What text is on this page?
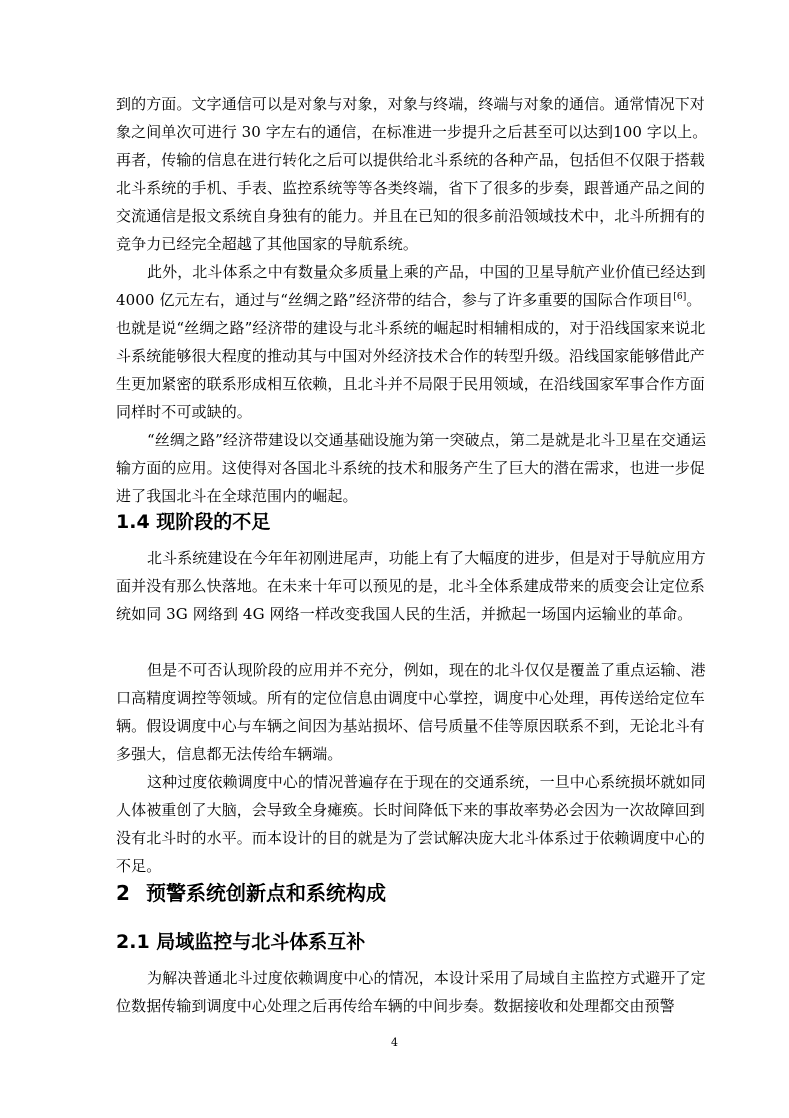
到的方面。文字通信可以是对象与对象，对象与终端，终端与对象的通信。通常情况下对象之间单次可进行 30 字左右的通信，在标准进一步提升之后甚至可以达到100 字以上。再者，传输的信息在进行转化之后可以提供给北斗系统的各种产品，包括但不仅限于搭载北斗系统的手机、手表、监控系统等等各类终端，省下了很多的步奏，跟普通产品之间的交流通信是报文系统自身独有的能力。并且在已知的很多前沿领域技术中，北斗所拥有的竞争力已经完全超越了其他国家的导航系统。

此外，北斗体系之中有数量众多质量上乘的产品，中国的卫星导航产业价值已经达到 4000 亿元左右，通过与“丝绸之路”经济带的结合，参与了许多重要的国际合作项目[6]。也就是说“丝绸之路”经济带的建设与北斗系统的崛起时相辅相成的，对于沿线国家来说北斗系统能够很大程度的推动其与中国对外经济技术合作的转型升级。沿线国家能够借此产生更加紧密的联系形成相互依赖，且北斗并不局限于民用领域，在沿线国家军事合作方面同样时不可或缺的。

“丝绸之路”经济带建设以交通基础设施为第一突破点，第二是就是北斗卫星在交通运输方面的应用。这使得对各国北斗系统的技术和服务产生了巨大的潜在需求，也进一步促进了我国北斗在全球范围内的崛起。

1.4 现阶段的不足

北斗系统建设在今年年初刚进尾声，功能上有了大幅度的进步，但是对于导航应用方面并没有那么快落地。在未来十年可以预见的是，北斗全体系建成带来的质变会让定位系统如同 3G 网络到 4G 网络一样改变我国人民的生活，并掀起一场国内运输业的革命。

但是不可否认现阶段的应用并不充分，例如，现在的北斗仅仅是覆盖了重点运输、港口高精度调控等领域。所有的定位信息由调度中心掌控，调度中心处理，再传送给定位车辆。假设调度中心与车辆之间因为基站损坏、信号质量不佳等原因联系不到，无论北斗有多强大，信息都无法传给车辆端。

这种过度依赖调度中心的情况普遍存在于现在的交通系统，一旦中心系统损坏就如同人体被重创了大脑，会导致全身瘫痪。长时间降低下来的事故率势必会因为一次故障回到没有北斗时的水平。而本设计的目的就是为了尝试解决庞大北斗体系过于依赖调度中心的不足。

2 预警系统创新点和系统构成
2.1 局域监控与北斗体系互补

为解决普通北斗过度依赖调度中心的情况，本设计采用了局域自主监控方式避开了定位数据传输到调度中心处理之后再传给车辆的中间步奏。数据接收和处理都交由预警

4
